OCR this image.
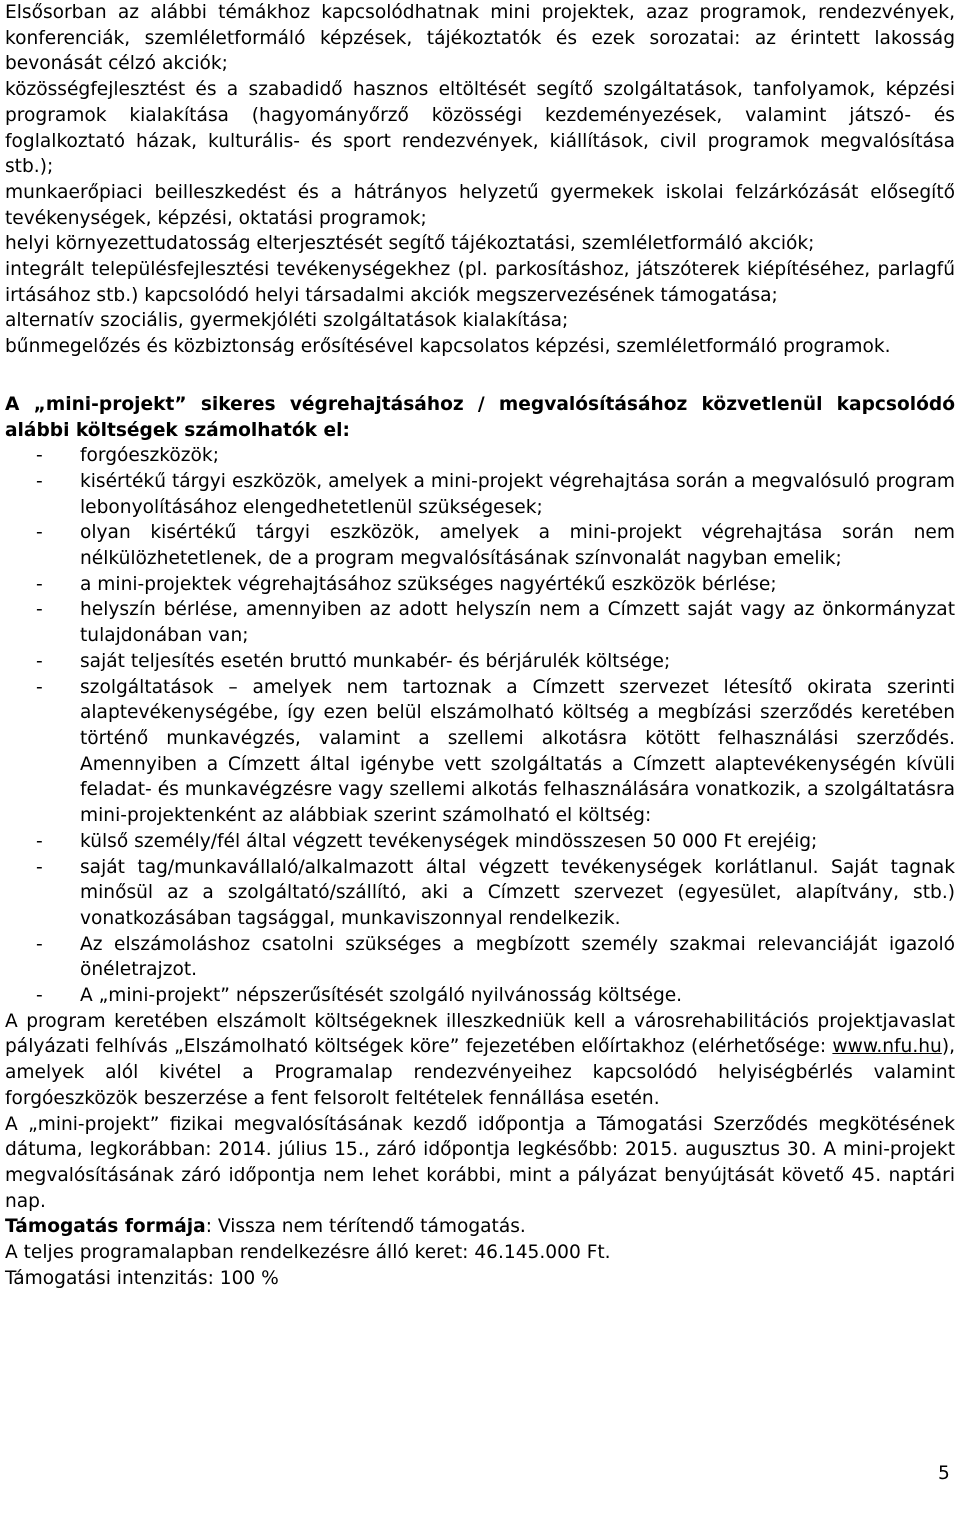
Elsősorban az alábbi témákhoz kapcsolódhatnak mini projektek, azaz programok, rendezvények, konferenciák, szemléletformáló képzések, tájékoztatók és ezek sorozatai: az érintett lakosság bevonását célzó akciók;

közösségfejlesztést és a szabadidő hasznos eltöltését segítő szolgáltatások, tanfolyamok, képzési programok kialakítása (hagyományőrző közösségi kezdeményezések, valamint játszó- és foglalkoztató házak, kulturális- és sport rendezvények, kiállítások, civil programok megvalósítása stb.);

munkaerőpiaci beilleszkedést és a hátrányos helyzetű gyermekek iskolai felzárkózását elősegítő tevékenységek, képzési, oktatási programok;

helyi környezettudatosság elterjesztését segítő tájékoztatási, szemléletformáló akciók;

integrált településfejlesztési tevékenységekhez (pl. parkosításhoz, játszóterek kiépítéséhez, parlagfű irtásához stb.) kapcsolódó helyi társadalmi akciók megszervezésének támogatása;

alternatív szociális, gyermekjóléti szolgáltatások kialakítása;

bűnmegelőzés és közbiztonság erősítésével kapcsolatos képzési, szemléletformáló programok.

A „mini-projekt” sikeres végrehajtásához / megvalósításához közvetlenül kapcsolódó alábbi költségek számolhatók el:

- forgóeszközök;
- kisértékű tárgyi eszközök, amelyek a mini-projekt végrehajtása során a megvalósuló program lebonyolításához elengedhetetlenül szükségesek;
- olyan kisértékű tárgyi eszközök, amelyek a mini-projekt végrehajtása során nem nélkülözhetetlenek, de a program megvalósításának színvonalát nagyban emelik;
- a mini-projektek végrehajtásához szükséges nagyértékű eszközök bérlése;
- helyszín bérlése, amennyiben az adott helyszín nem a Címzett saját vagy az önkormányzat tulajdonában van;
- saját teljesítés esetén bruttó munkabér- és bérjárulék költsége;
- szolgáltatások – amelyek nem tartoznak a Címzett szervezet létesítő okirata szerinti alaptevékenységébe, így ezen belül elszámolható költség a megbízási szerződés keretében történő munkavégzés, valamint a szellemi alkotásra kötött felhasználási szerződés. Amennyiben a Címzett által igénybe vett szolgáltatás a Címzett alaptevékenységén kívüli feladat- és munkavégzésre vagy szellemi alkotás felhasználására vonatkozik, a szolgáltatásra mini-projektenként az alábbiak szerint számolható el költség:
- külső személy/fél által végzett tevékenységek mindösszesen 50 000 Ft erejéig;
- saját tag/munkavállaló/alkalmazott által végzett tevékenységek korlátlanul. Saját tagnak minősül az a szolgáltató/szállító, aki a Címzett szervezet (egyesület, alapítvány, stb.) vonatkozásában tagsággal, munkaviszonnyal rendelkezik.
- Az elszámoláshoz csatolni szükséges a megbízott személy szakmai relevanciáját igazoló önéletrajzot.
- A „mini-projekt” népszerűsítését szolgáló nyilvánosság költsége.

A program keretében elszámolt költségeknek illeszkedniük kell a városrehabilitációs projektjavaslat pályázati felhívás „Elszámolható költségek köre” fejezetében előírtakhoz (elérhetősége: www.nfu.hu), amelyek alól kivétel a Programalap rendezvényeihez kapcsolódó helyiségbérlés valamint forgóeszközök beszerzése a fent felsorolt feltételek fennállása esetén.

A „mini-projekt” fizikai megvalósításának kezdő időpontja a Támogatási Szerződés megkötésének dátuma, legkorábban: 2014. július 15., záró időpontja legkésőbb: 2015. augusztus 30. A mini-projekt megvalósításának záró időpontja nem lehet korábbi, mint a pályázat benyújtását követő 45. naptári nap.

Támogatás formája: Vissza nem térítendő támogatás.

A teljes programalapban rendelkezésre álló keret: 46.145.000 Ft.

Támogatási intenzitás: 100 %

5
